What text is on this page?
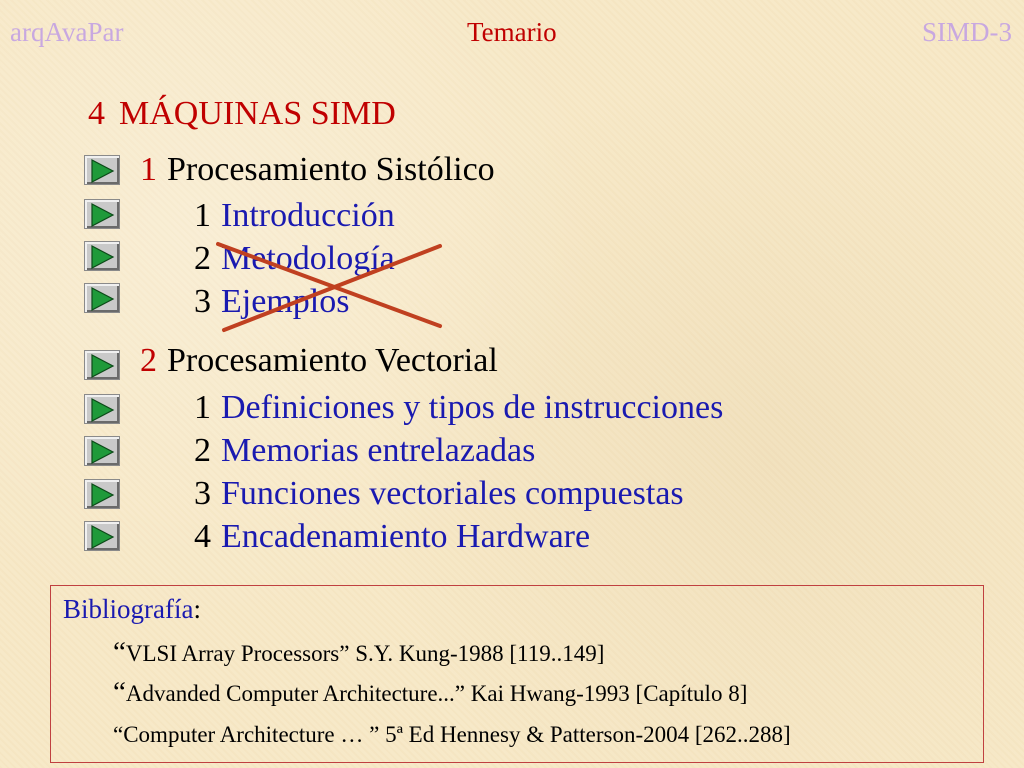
arqAvaPar	Temario	SIMD-3
4 MÁQUINAS SIMD
1 Procesamiento Sistólico
1 Introducción
2 Metodología
3 Ejemplos
2 Procesamiento Vectorial
1 Definiciones y tipos de instrucciones
2 Memorias entrelazadas
3 Funciones vectoriales compuestas
4 Encadenamiento Hardware
Bibliografía:
“VLSI Array Processors” S.Y. Kung-1988 [119..149]
“Advanded Computer Architecture...” Kai Hwang-1993 [Capítulo 8]
“Computer Architecture … ” 5ª Ed Hennesy & Patterson-2004 [262..288]
